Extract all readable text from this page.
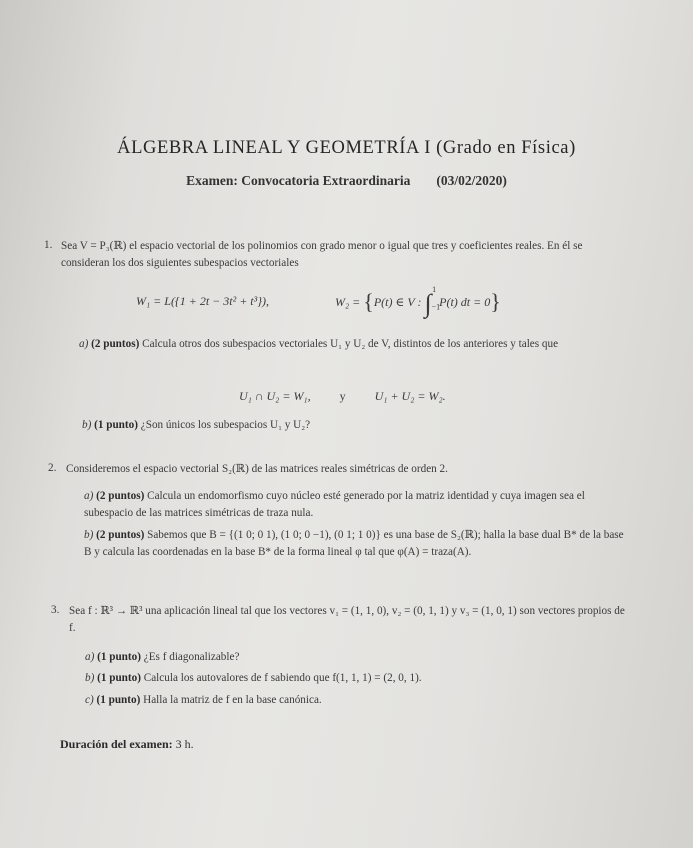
ÁLGEBRA LINEAL Y GEOMETRÍA I (Grado en Física)
Examen: Convocatoria Extraordinaria (03/02/2020)
1. Sea V = P₃(ℝ) el espacio vectorial de los polinomios con grado menor o igual que tres y coeficientes reales. En él se consideran los dos siguientes subespacios vectoriales
W₁ = L({1 + 2t − 3t² + t³}),	W₂ = {P(t) ∈ V : $\int_{-1}^1$ P(t) dt = 0}
a) (2 puntos) Calcula otros dos subespacios vectoriales U₁ y U₂ de V, distintos de los anteriores y tales que
U₁ ∩ U₂ = W₁, y U₁ + U₂ = W₂.
b) (1 punto) ¿Son únicos los subespacios U₁ y U₂?
2. Consideremos el espacio vectorial S₂(ℝ) de las matrices reales simétricas de orden 2.
a) (2 puntos) Calcula un endomorfismo cuyo núcleo esté generado por la matriz identidad y cuya imagen sea el subespacio de las matrices simétricas de traza nula.
b) (2 puntos) Sabemos que B = {(1 0; 0 1), (1 0; 0 −1), (0 1; 1 0)} es una base de S₂(ℝ); halla la base dual B* de la base B y calcula las coordenadas en la base B* de la forma lineal φ tal que φ(A) = traza(A).
3. Sea f : ℝ³ → ℝ³ una aplicación lineal tal que los vectores v₁ = (1, 1, 0), v₂ = (0, 1, 1) y v₃ = (1, 0, 1) son vectores propios de f.
a) (1 punto) ¿Es f diagonalizable?
b) (1 punto) Calcula los autovalores de f sabiendo que f(1, 1, 1) = (2, 0, 1).
c) (1 punto) Halla la matriz de f en la base canónica.
Duración del examen: 3 h.
